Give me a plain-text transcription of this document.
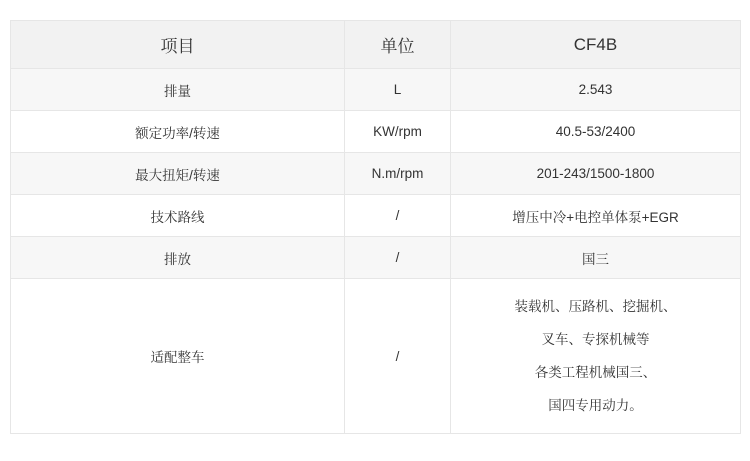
项目	单位	CF4B
排量	L	2.543
额定功率/转速	KW/rpm	40.5-53/2400
最大扭矩/转速	N.m/rpm	201-243/1500-1800
技术路线	/	增压中冷+电控单体泵+EGR
排放	/	国三
适配整车	/	装载机、压路机、挖掘机、
叉车、专探机械等
各类工程机械国三、
国四专用动力。
